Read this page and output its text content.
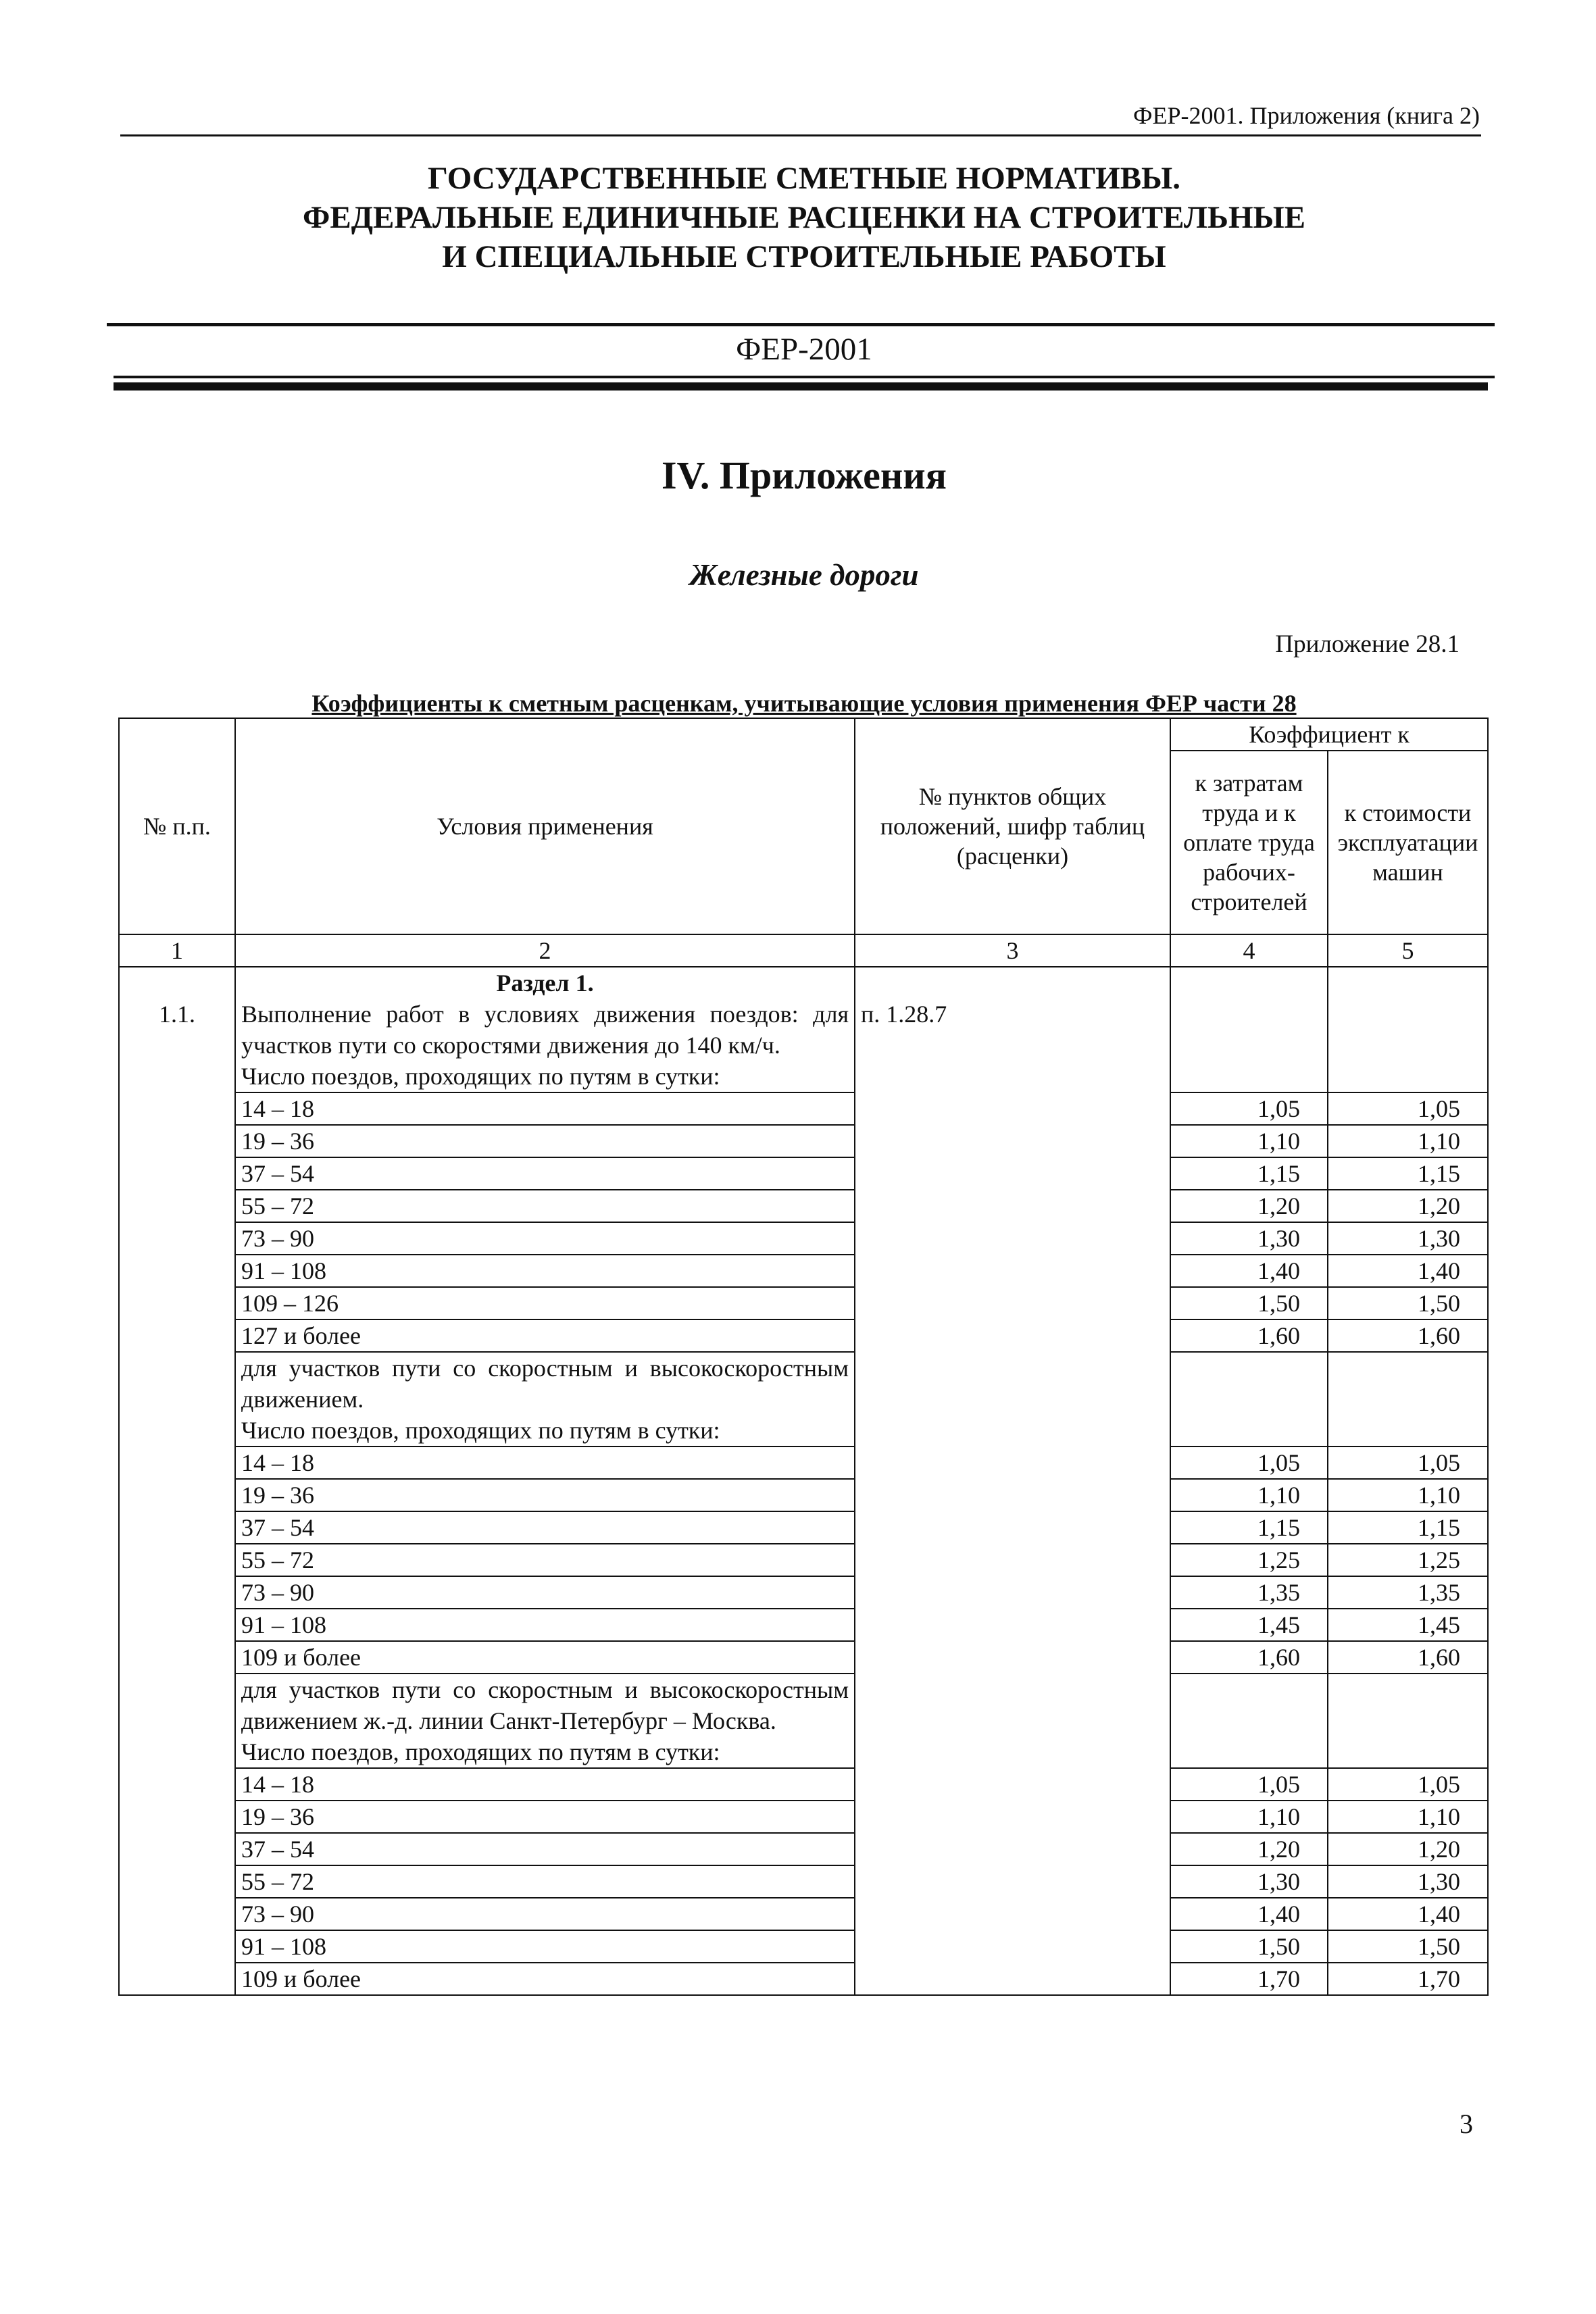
ФЕР-2001. Приложения (книга 2)
ГОСУДАРСТВЕННЫЕ СМЕТНЫЕ НОРМАТИВЫ.
ФЕДЕРАЛЬНЫЕ ЕДИНИЧНЫЕ РАСЦЕНКИ НА СТРОИТЕЛЬНЫЕ
И СПЕЦИАЛЬНЫЕ СТРОИТЕЛЬНЫЕ РАБОТЫ
ФЕР-2001
IV. Приложения
Железные дороги
Приложение 28.1
Коэффициенты к сметным расценкам, учитывающие условия применения ФЕР части 28
№ п.п.	Условия применения	№ пунктов общих положений, шифр таблиц (расценки)	Коэффициент к	
			к затратам труда и к оплате труда рабочих-строителей	к стоимости эксплуатации машин
1	2	3	4	5

1.1.	Раздел 1.
Выполнение работ в условиях движения поездов: для участков пути со скоростями движения до 140 км/ч.
Число поездов, проходящих по путям в сутки:	п. 1.28.7		

	14 – 18		1,05	1,05
	19 – 36		1,10	1,10
	37 – 54		1,15	1,15
	55 – 72		1,20	1,20
	73 – 90		1,30	1,30
	91 – 108		1,40	1,40
	109 – 126		1,50	1,50
	127 и более		1,60	1,60

	для участков пути со скоростным и высокоскоростным движением.
Число поездов, проходящих по путям в сутки:			

	14 – 18		1,05	1,05
	19 – 36		1,10	1,10
	37 – 54		1,15	1,15
	55 – 72		1,25	1,25
	73 – 90		1,35	1,35
	91 – 108		1,45	1,45
	109 и более		1,60	1,60

	для участков пути со скоростным и высокоскоростным движением ж.-д. линии Санкт-Петербург – Москва.
Число поездов, проходящих по путям в сутки:			

	14 – 18		1,05	1,05
	19 – 36		1,10	1,10
	37 – 54		1,20	1,20
	55 – 72		1,30	1,30
	73 – 90		1,40	1,40
	91 – 108		1,50	1,50
	109 и более		1,70	1,70
3
